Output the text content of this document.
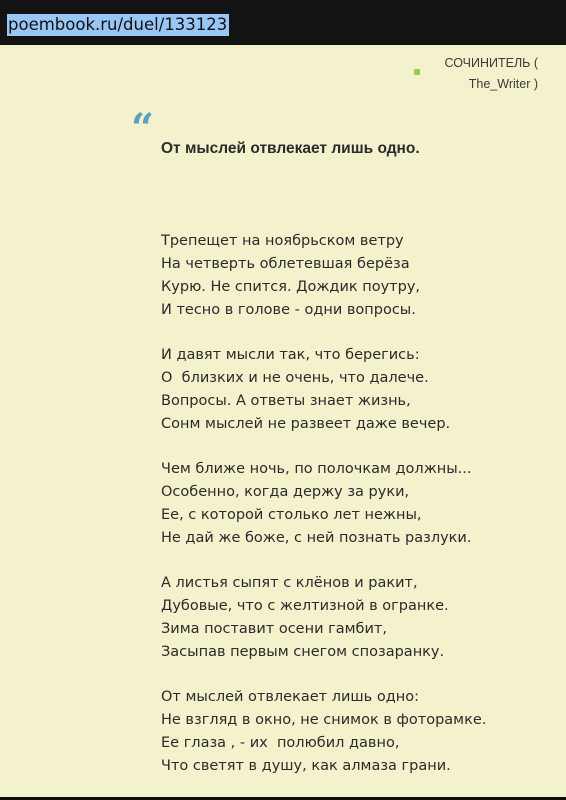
poembook.ru/duel/133123
СОЧИНИТЕЛЬ (
The_Writer )
“ От мыслей отвлекает лишь одно.
Трепещет на ноябрьском ветру
На четверть облетевшая берёза
Курю. Не спится. Дождик поутру,
И тесно в голове - одни вопросы.
И давят мысли так, что берегись:
О  близких и не очень, что далече.
Вопросы. А ответы знает жизнь,
Сонм мыслей не развеет даже вечер.
Чем ближе ночь, по полочкам должны...
Особенно, когда держу за руки,
Ее, с которой столько лет нежны,
Не дай же боже, с ней познать разлуки.
А листья сыпят с клёнов и ракит,
Дубовые, что с желтизной в огранке.
Зима поставит осени гамбит,
Засыпав первым снегом спозаранку.
От мыслей отвлекает лишь одно:
Не взгляд в окно, не снимок в фоторамке.
Ее глаза , - их  полюбил давно,
Что светят в душу, как алмаза грани.
